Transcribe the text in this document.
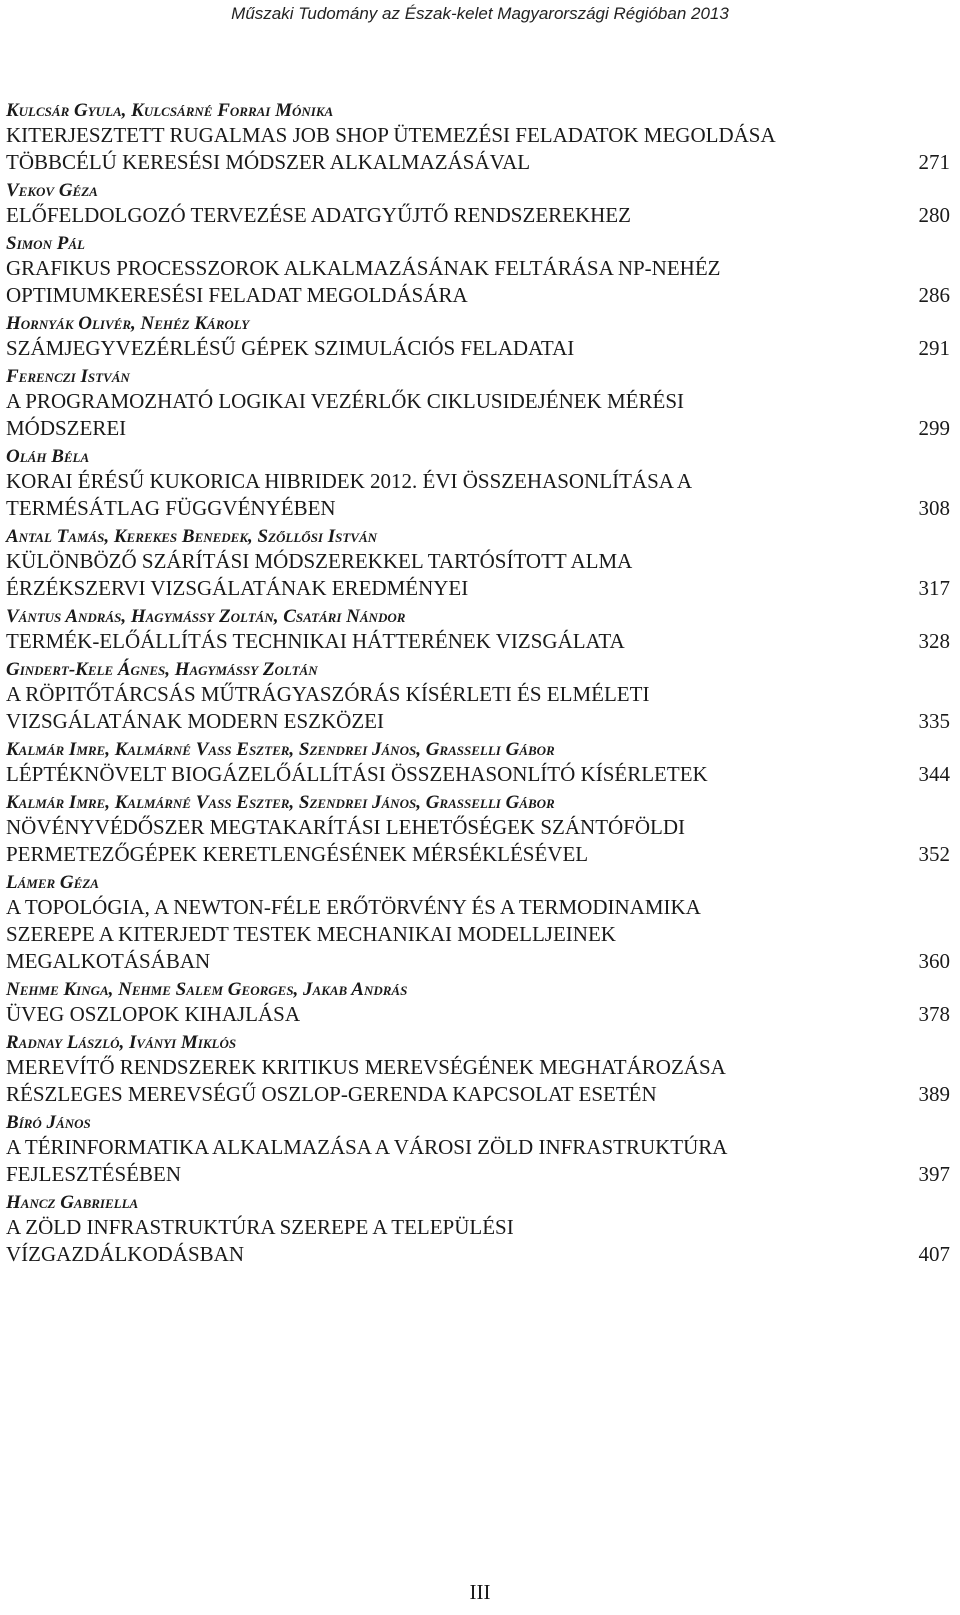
Műszaki Tudomány az Észak-kelet Magyarországi Régióban 2013
Kulcsár Gyula, Kulcsárné Forrai Mónika
KITERJESZTETT RUGALMAS JOB SHOP ÜTEMEZÉSI FELADATOK MEGOLDÁSA
TÖBBCÉLÚ KERESÉSI MÓDSZER ALKALMAZÁSÁVAL	271
Vekov Géza
ELŐFELDOLGOZÓ TERVEZÉSE ADATGYŰJTŐ RENDSZEREKHEZ	280
Simon Pál
GRAFIKUS PROCESSZOROK ALKALMAZÁSÁNAK FELTÁRÁSA NP-NEHÉZ
OPTIMUMKERESÉSI FELADAT MEGOLDÁSÁRA	286
Hornyák Olivér, Nehéz Károly
SZÁMJEGYVEZÉRLÉSŰ GÉPEK SZIMULÁCIÓS FELADATAI	291
Ferenczi István
A PROGRAMOZHATÓ LOGIKAI VEZÉRLŐK CIKLUSIDEJÉNEK MÉRÉSI
MÓDSZEREI	299
Oláh Béla
KORAI ÉRÉSŰ KUKORICA HIBRIDEK 2012. ÉVI ÖSSZEHASONLÍTÁSA A
TERMÉSÁTLAG FÜGGVÉNYÉBEN	308
Antal Tamás, Kerekes Benedek, Szőllősi István
KÜLÖNBÖZŐ SZÁRÍTÁSI MÓDSZEREKKEL TARTÓSÍTOTT ALMA
ÉRZÉKSZERVI VIZSGÁLATÁNAK EREDMÉNYEI	317
Vántus András, Hagymássy Zoltán, Csatári Nándor
TERMÉK-ELŐÁLLÍTÁS TECHNIKAI HÁTTERÉNEK VIZSGÁLATA	328
Gindert-Kele Ágnes, Hagymássy Zoltán
A RÖPITŐTÁRCSÁS MŰTRÁGYASZÓRÁS KÍSÉRLETI ÉS ELMÉLETI
VIZSGÁLATÁNAK MODERN ESZKÖZEI	335
Kalmár Imre, Kalmárné Vass Eszter, Szendrei János, Grasselli Gábor
LÉPTÉKNÖVELT BIOGÁZELŐÁLLÍTÁSI ÖSSZEHASONLÍTÓ KÍSÉRLETEK	344
Kalmár Imre, Kalmárné Vass Eszter, Szendrei János, Grasselli Gábor
NÖVÉNYVÉDŐSZER MEGTAKARÍTÁSI LEHETŐSÉGEK SZÁNTÓFÖLDI
PERMETEZŐGÉPEK KERETLENGÉSÉNEK MÉRSÉKLÉSÉVEL	352
Lámer Géza
A TOPOLÓGIA, A NEWTON-FÉLE ERŐTÖRVÉNY ÉS A TERMODINAMIKA
SZEREPE A KITERJEDT TESTEK MECHANIKAI MODELLJEINEK
MEGALKOTÁSÁBAN	360
Nehme Kinga, Nehme Salem Georges, Jakab András
ÜVEG OSZLOPOK KIHAJLÁSA	378
Radnay László, Iványi Miklós
MEREVÍTŐ RENDSZEREK KRITIKUS MEREVSÉGÉNEK MEGHATÁROZÁSA
RÉSZLEGES MEREVSÉGŰ OSZLOP-GERENDA KAPCSOLAT ESETÉN	389
Bíró János
A TÉRINFORMATIKA ALKALMAZÁSA A VÁROSI ZÖLD INFRASTRUKTÚRA
FEJLESZTÉSÉBEN	397
Hancz Gabriella
A ZÖLD INFRASTRUKTÚRA SZEREPE A TELEPÜLÉSI
VÍZGAZDÁLKODÁSBAN	407
III
